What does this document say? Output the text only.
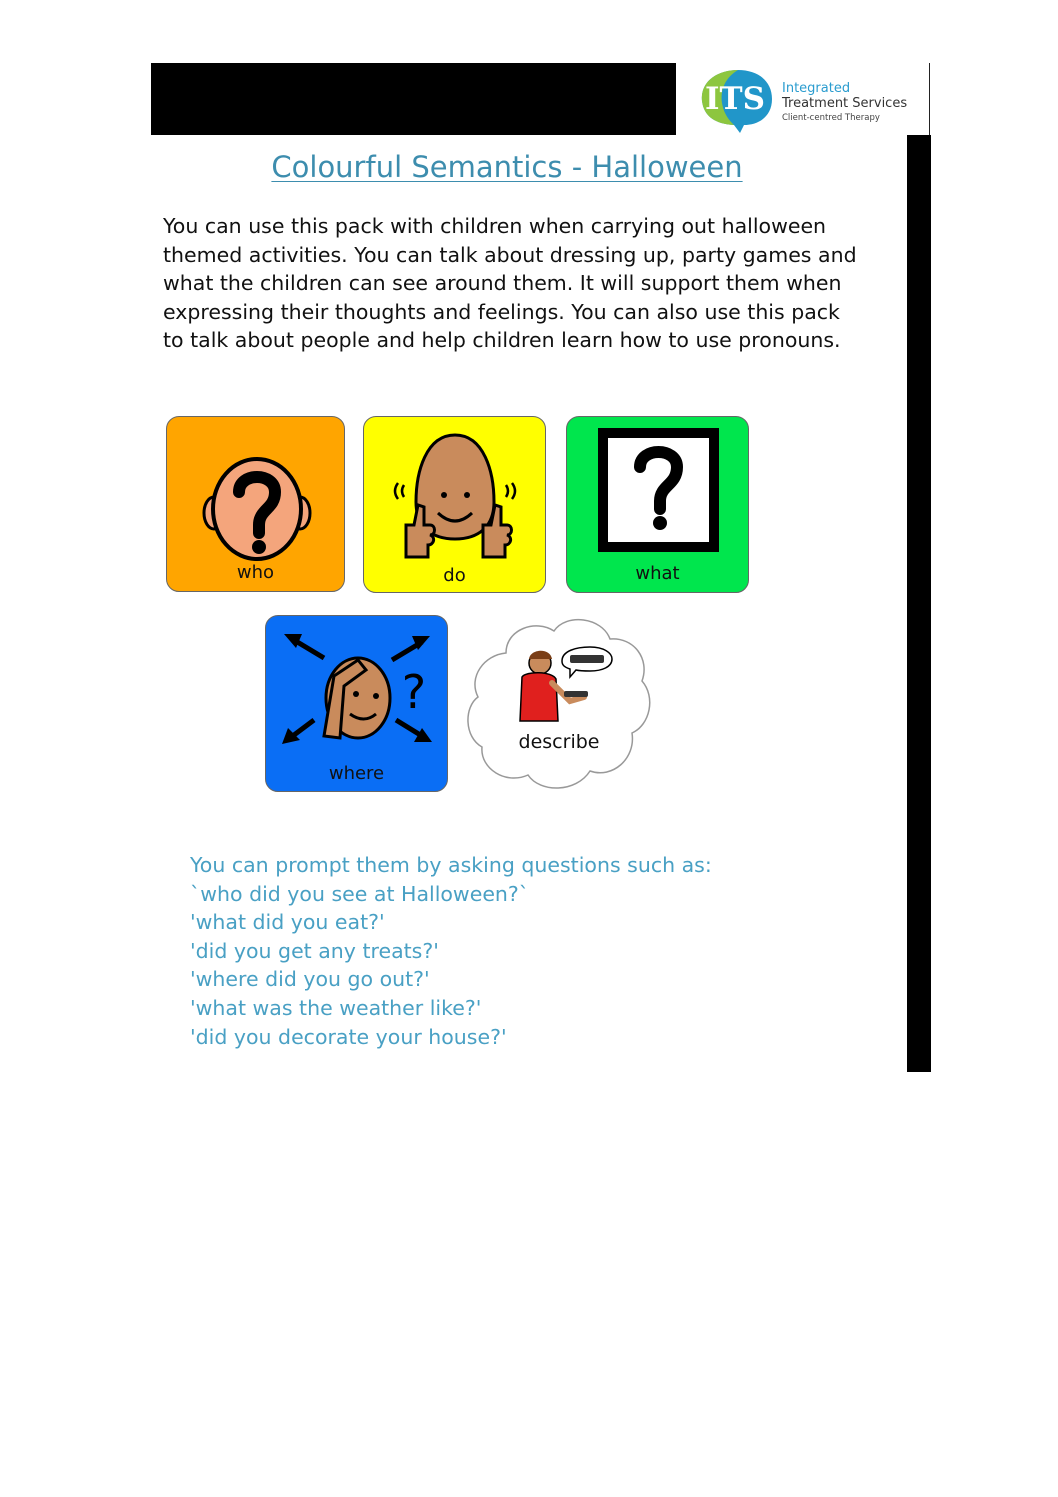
ITS Integrated
Treatment Services
Client-centred Therapy
Colourful Semantics - Halloween

You can use this pack with children when carrying out halloween themed activities. You can talk about dressing up, party games and what the children can see around them. It will support them when expressing their thoughts and feelings. You can also use this pack to talk about people and help children learn how to use pronouns.

who	do	what
?
where
describe
You can prompt them by asking questions such as:
`who did you see at Halloween?`
'what did you eat?'
'did you get any treats?'
'where did you go out?'
'what was the weather like?'
'did you decorate your house?'
